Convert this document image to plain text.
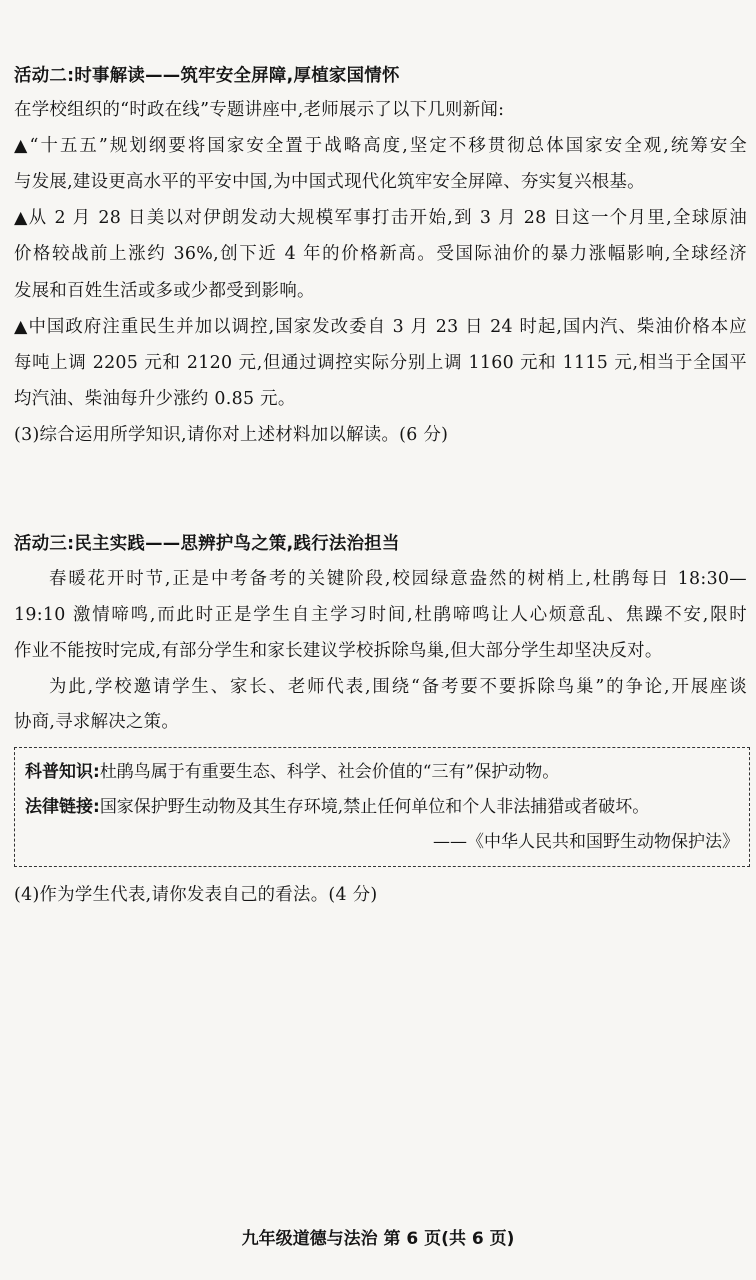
活动二:时事解读——筑牢安全屏障,厚植家国情怀
在学校组织的“时政在线”专题讲座中,老师展示了以下几则新闻:
▲“十五五”规划纲要将国家安全置于战略高度,坚定不移贯彻总体国家安全观,统筹安全
与发展,建设更高水平的平安中国,为中国式现代化筑牢安全屏障、夯实复兴根基。
▲从 2 月 28 日美以对伊朗发动大规模军事打击开始,到 3 月 28 日这一个月里,全球原油
价格较战前上涨约 36%,创下近 4 年的价格新高。受国际油价的暴力涨幅影响,全球经济
发展和百姓生活或多或少都受到影响。
▲中国政府注重民生并加以调控,国家发改委自 3 月 23 日 24 时起,国内汽、柴油价格本应
每吨上调 2205 元和 2120 元,但通过调控实际分别上调 1160 元和 1115 元,相当于全国平
均汽油、柴油每升少涨约 0.85 元。
(3)综合运用所学知识,请你对上述材料加以解读。(6 分)
活动三:民主实践——思辨护鸟之策,践行法治担当
春暖花开时节,正是中考备考的关键阶段,校园绿意盎然的树梢上,杜鹃每日 18:30—
19:10 激情啼鸣,而此时正是学生自主学习时间,杜鹃啼鸣让人心烦意乱、焦躁不安,限时
作业不能按时完成,有部分学生和家长建议学校拆除鸟巢,但大部分学生却坚决反对。
为此,学校邀请学生、家长、老师代表,围绕“备考要不要拆除鸟巢”的争论,开展座谈
协商,寻求解决之策。
科普知识:杜鹃鸟属于有重要生态、科学、社会价值的“三有”保护动物。
法律链接:国家保护野生动物及其生存环境,禁止任何单位和个人非法捕猎或者破坏。
——《中华人民共和国野生动物保护法》
(4)作为学生代表,请你发表自己的看法。(4 分)
九年级道德与法治 第 6 页(共 6 页)
